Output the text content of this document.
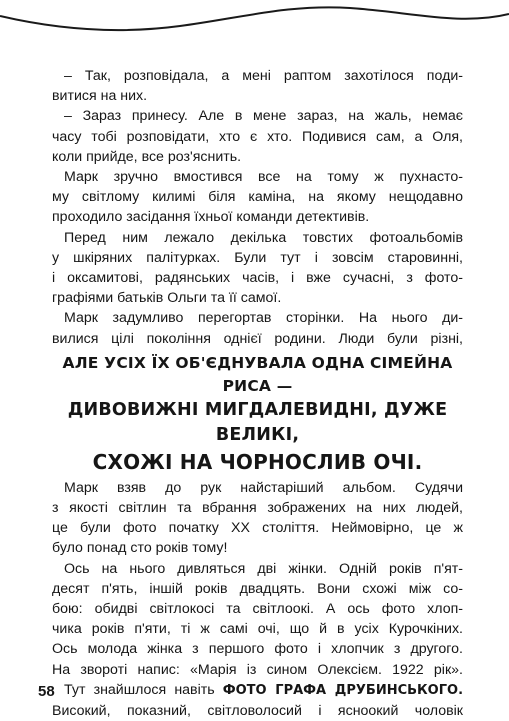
– Так, розповідала, а мені раптом захотілося поди-
витися на них.

– Зараз принесу. Але в мене зараз, на жаль, немає
часу тобі розповідати, хто є хто. Подивися сам, а Оля,
коли прийде, все роз'яснить.

Марк зручно вмостився все на тому ж пухнасто-
му світлому килимі біля каміна, на якому нещодавно
проходило засідання їхньої команди детективів.

Перед ним лежало декілька товстих фотоальбомів
у шкіряних палітурках. Були тут і зовсім старовинні,
і оксамитові, радянських часів, і вже сучасні, з фото-
графіями батьків Ольги та її самої.

Марк задумливо перегортав сторінки. На нього ди-
вилися цілі покоління однієї родини. Люди були різні,

АЛЕ УСІХ ЇХ ОБ'ЄДНУВАЛА ОДНА СІМЕЙНА РИСА —
ДИВОВИЖНІ МИГДАЛЕВИДНІ, ДУЖЕ ВЕЛИКІ,
СХОЖІ НА ЧОРНОСЛИВ ОЧІ.

Марк взяв до рук найстаріший альбом. Судячи
з якості світлин та вбрання зображених на них людей,
це були фото початку ХХ століття. Неймовірно, це ж
було понад сто років тому!

Ось на нього дивляться дві жінки. Одній років п'ят-
десят п'ять, іншій років двадцять. Вони схожі між со-
бою: обидві світлокосі та світлоокі. А ось фото хлоп-
чика років п'яти, ті ж самі очі, що й в усіх Курочкіних.
Ось молода жінка з першого фото і хлопчик з другого.
На звороті напис: «Марія із сином Олексієм. 1922 рік».

Тут знайшлося навіть ФОТО ГРАФА ДРУБИНСЬКОГО.
Високий, показний, світловолосий і ясноокий чоловік

58
